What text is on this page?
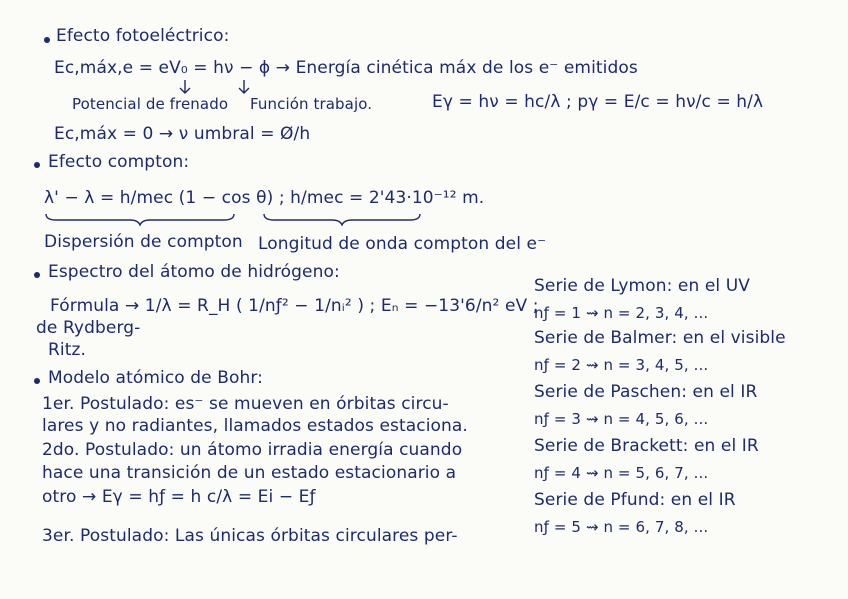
Efecto fotoeléctrico:
Ec,máx,e = eV₀ = hν − ϕ → Energía cinética máx de los e⁻ emitidos
Potencial de frenado Función trabajo.	Eγ = hν = hc/λ ; pγ = E/c = hν/c = h/λ
Ec,máx = 0 → ν umbral = Ø/h
Efecto compton:
λ' − λ = h/mec (1 − cos θ) ; h/mec = 2'43·10⁻¹² m.
Dispersión de compton Longitud de onda compton del e⁻
Espectro del átomo de hidrógeno:
Fórmula → 1/λ = R_H ( 1/nƒ² − 1/nᵢ² ) ; Eₙ = −13'6/n² eV ;
de Rydberg-
Ritz.
Serie de Lymon: en el UV
nƒ = 1 ⇝ n = 2, 3, 4, ...
Serie de Balmer: en el visible
nƒ = 2 ⇝ n = 3, 4, 5, ...
Serie de Paschen: en el IR
nƒ = 3 ⇝ n = 4, 5, 6, ...
Serie de Brackett: en el IR
nƒ = 4 ⇝ n = 5, 6, 7, ...
Serie de Pfund: en el IR
nƒ = 5 ⇝ n = 6, 7, 8, ...
Modelo atómico de Bohr:
1er. Postulado: es⁻ se mueven en órbitas circu-
lares y no radiantes, llamados estados estaciona.
2do. Postulado: un átomo irradia energía cuando
hace una transición de un estado estacionario a
otro → Eγ = hƒ = h c/λ = Ei − Eƒ
3er. Postulado: Las únicas órbitas circulares per-
